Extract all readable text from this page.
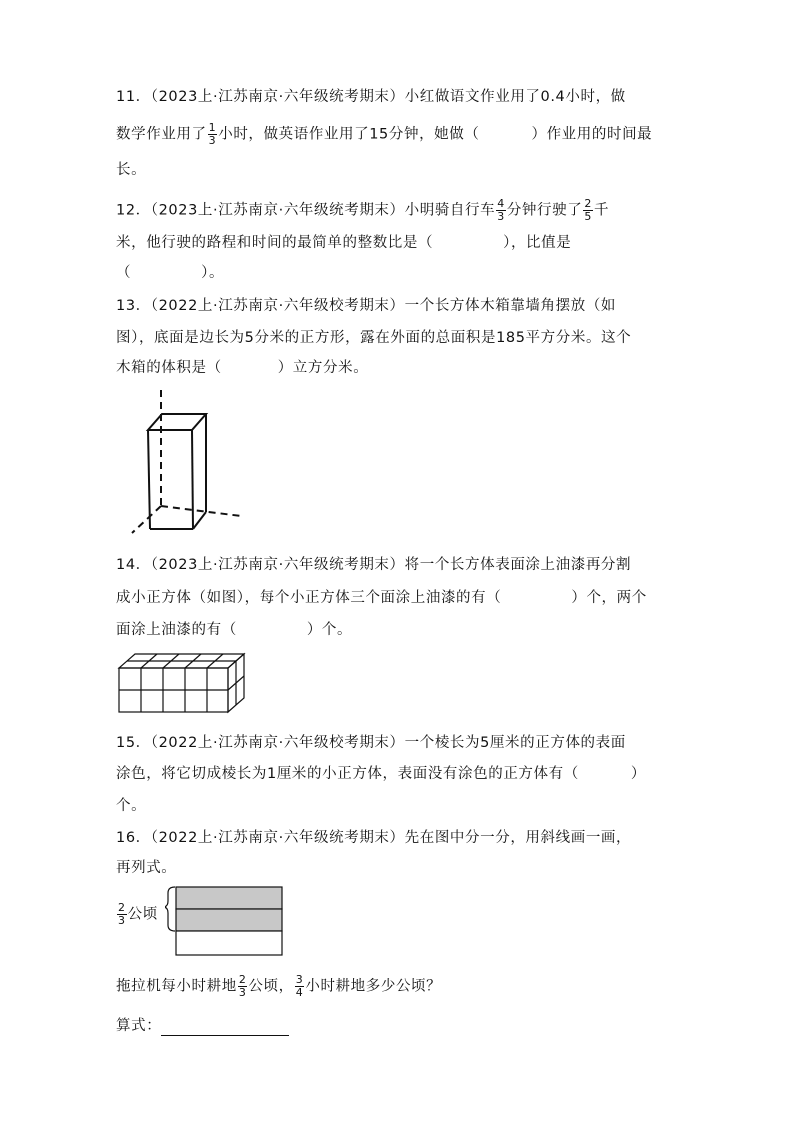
11．（2023上·江苏南京·六年级统考期末）小红做语文作业用了0.4小时，做
数学作业用了 $\frac{1}{3}$ 小时，做英语作业用了15分钟，她做（	）作业用的时间最
长。
12．（2023上·江苏南京·六年级统考期末）小明骑自行车 $\frac{4}{3}$ 分钟行驶了 $\frac{2}{5}$ 千
米，他行驶的路程和时间的最简单的整数比是（	），比值是
（	）。
13．（2022上·江苏南京·六年级校考期末）一个长方体木箱靠墙角摆放（如
图），底面是边长为5分米的正方形，露在外面的总面积是185平方分米。这个
木箱的体积是（	）立方分米。
14．（2023上·江苏南京·六年级统考期末）将一个长方体表面涂上油漆再分割
成小正方体（如图），每个小正方体三个面涂上油漆的有（	）个，两个
面涂上油漆的有（	）个。
15．（2022上·江苏南京·六年级校考期末）一个棱长为5厘米的正方体的表面
涂色，将它切成棱长为1厘米的小正方体，表面没有涂色的正方体有（	）
个。
16．（2022上·江苏南京·六年级统考期末）先在图中分一分，用斜线画一画，
再列式。
$\frac{2}{3}$ 公顷
拖拉机每小时耕地 $\frac{2}{3}$ 公顷， $\frac{3}{4}$ 小时耕地多少公顷？
算式：
